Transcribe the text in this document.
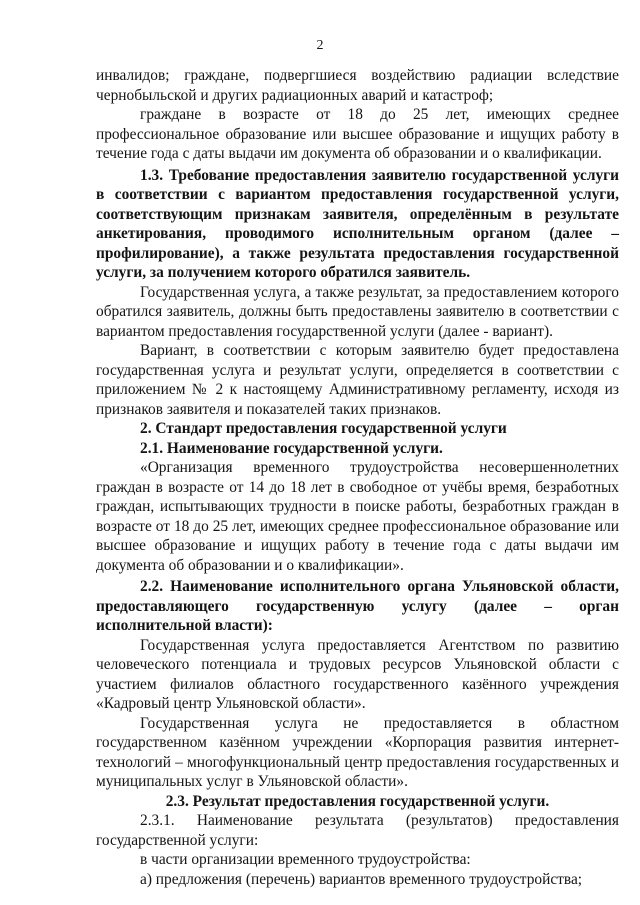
2

инвалидов; граждане, подвергшиеся воздействию радиации вследствие чернобыльской и других радиационных аварий и катастроф;

граждане в возрасте от 18 до 25 лет, имеющих среднее профессиональное образование или высшее образование и ищущих работу в течение года с даты выдачи им документа об образовании и о квалификации.

1.3. Требование предоставления заявителю государственной услуги в соответствии с вариантом предоставления государственной услуги, соответствующим признакам заявителя, определённым в результате анкетирования, проводимого исполнительным органом (далее – профилирование), а также результата предоставления государственной услуги, за получением которого обратился заявитель.

Государственная услуга, а также результат, за предоставлением которого обратился заявитель, должны быть предоставлены заявителю в соответствии с вариантом предоставления государственной услуги (далее - вариант).

Вариант, в соответствии с которым заявителю будет предоставлена государственная услуга и результат услуги, определяется в соответствии с приложением № 2 к настоящему Административному регламенту, исходя из признаков заявителя и показателей таких признаков.

2. Стандарт предоставления государственной услуги

2.1. Наименование государственной услуги.

«Организация временного трудоустройства несовершеннолетних граждан в возрасте от 14 до 18 лет в свободное от учёбы время, безработных граждан, испытывающих трудности в поиске работы, безработных граждан в возрасте от 18 до 25 лет, имеющих среднее профессиональное образование или высшее образование и ищущих работу в течение года с даты выдачи им документа об образовании и о квалификации».

2.2. Наименование исполнительного органа Ульяновской области, предоставляющего государственную услугу (далее – орган исполнительной власти):

Государственная услуга предоставляется Агентством по развитию человеческого потенциала и трудовых ресурсов Ульяновской области с участием филиалов областного государственного казённого учреждения «Кадровый центр Ульяновской области».

Государственная услуга не предоставляется в областном государственном казённом учреждении «Корпорация развития интернет-технологий – многофункциональный центр предоставления государственных и муниципальных услуг в Ульяновской области».

2.3. Результат предоставления государственной услуги.

2.3.1. Наименование результата (результатов) предоставления государственной услуги:

в части организации временного трудоустройства:

а) предложения (перечень) вариантов временного трудоустройства;
